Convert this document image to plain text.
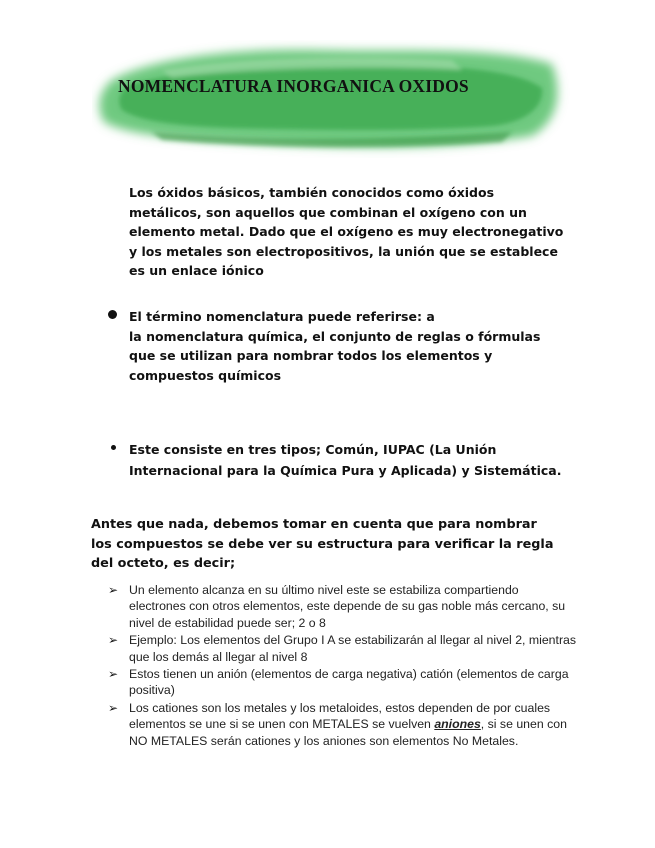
NOMENCLATURA INORGANICA OXIDOS
Los óxidos básicos, también conocidos como óxidos metálicos, son aquellos que combinan el oxígeno con un elemento metal. Dado que el oxígeno es muy electronegativo y los metales son electropositivos, la unión que se establece es un enlace iónico
El término nomenclatura puede referirse: a
la nomenclatura química, el conjunto de reglas o fórmulas que se utilizan para nombrar todos los elementos y compuestos químicos
Este consiste en tres tipos; Común, IUPAC (La Unión Internacional para la Química Pura y Aplicada) y Sistemática.
Antes que nada, debemos tomar en cuenta que para nombrar los compuestos se debe ver su estructura para verificar la regla del octeto, es decir;
➢ Un elemento alcanza en su último nivel este se estabiliza compartiendo electrones con otros elementos, este depende de su gas noble más cercano, su nivel de estabilidad puede ser; 2 o 8
➢ Ejemplo: Los elementos del Grupo I A se estabilizarán al llegar al nivel 2, mientras que los demás al llegar al nivel 8
➢ Estos tienen un anión (elementos de carga negativa) catión (elementos de carga positiva)
➢ Los cationes son los metales y los metaloides, estos dependen de por cuales elementos se une si se unen con METALES se vuelven aniones, si se unen con NO METALES serán cationes y los aniones son elementos No Metales.
